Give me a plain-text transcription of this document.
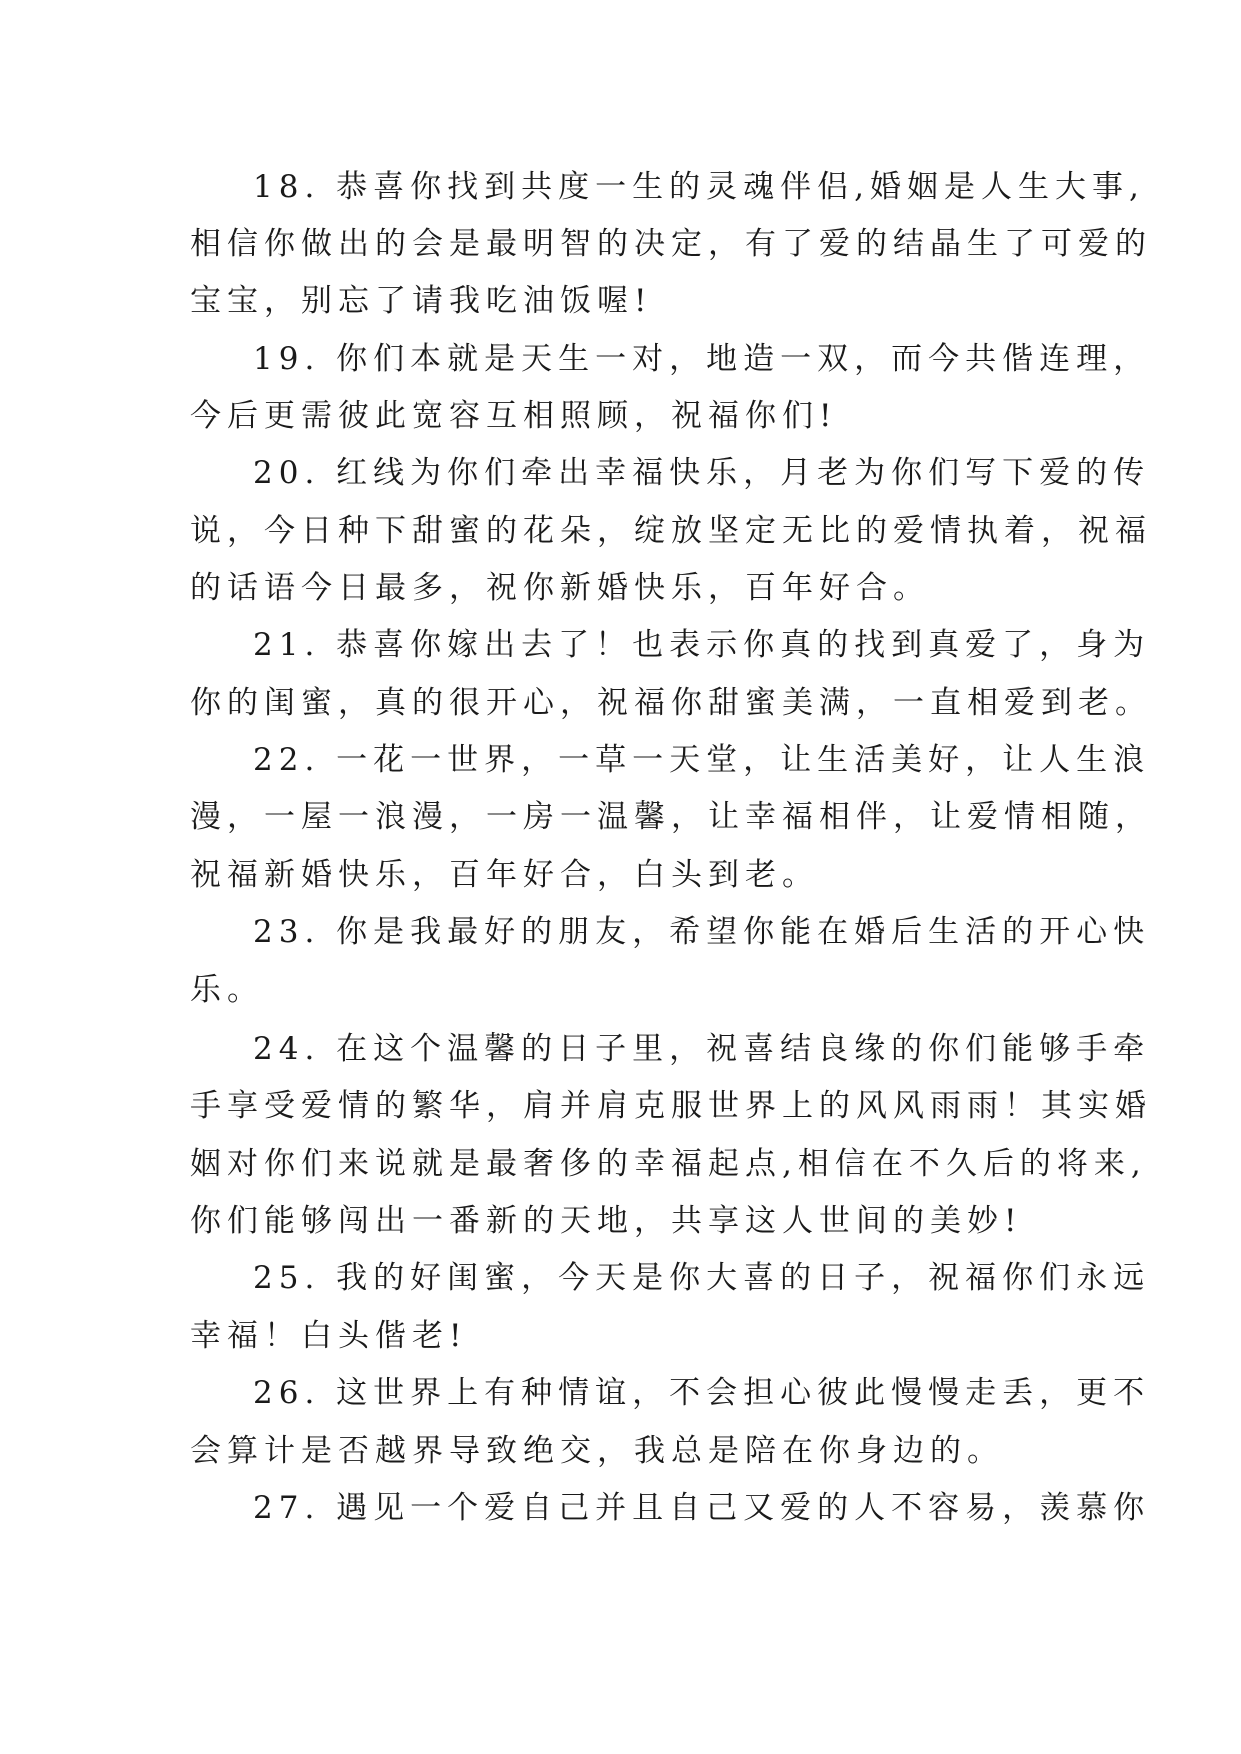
18. 恭喜你找到共度一生的灵魂伴侣,婚姻是人生大事,
相信你做出的会是最明智的决定，有了爱的结晶生了可爱的
宝宝，别忘了请我吃油饭喔!
19. 你们本就是天生一对，地造一双，而今共偕连理，
今后更需彼此宽容互相照顾，祝福你们!
20. 红线为你们牵出幸福快乐，月老为你们写下爱的传
说，今日种下甜蜜的花朵，绽放坚定无比的爱情执着，祝福
的话语今日最多，祝你新婚快乐，百年好合。
21. 恭喜你嫁出去了！也表示你真的找到真爱了，身为
你的闺蜜，真的很开心，祝福你甜蜜美满，一直相爱到老。
22. 一花一世界，一草一天堂，让生活美好，让人生浪
漫，一屋一浪漫，一房一温馨，让幸福相伴，让爱情相随，
祝福新婚快乐，百年好合，白头到老。
23. 你是我最好的朋友，希望你能在婚后生活的开心快
乐。
24. 在这个温馨的日子里，祝喜结良缘的你们能够手牵
手享受爱情的繁华，肩并肩克服世界上的风风雨雨！其实婚
姻对你们来说就是最奢侈的幸福起点,相信在不久后的将来,
你们能够闯出一番新的天地，共享这人世间的美妙!
25. 我的好闺蜜，今天是你大喜的日子，祝福你们永远
幸福！白头偕老!
26. 这世界上有种情谊，不会担心彼此慢慢走丢，更不
会算计是否越界导致绝交，我总是陪在你身边的。
27. 遇见一个爱自己并且自己又爱的人不容易，羡慕你
